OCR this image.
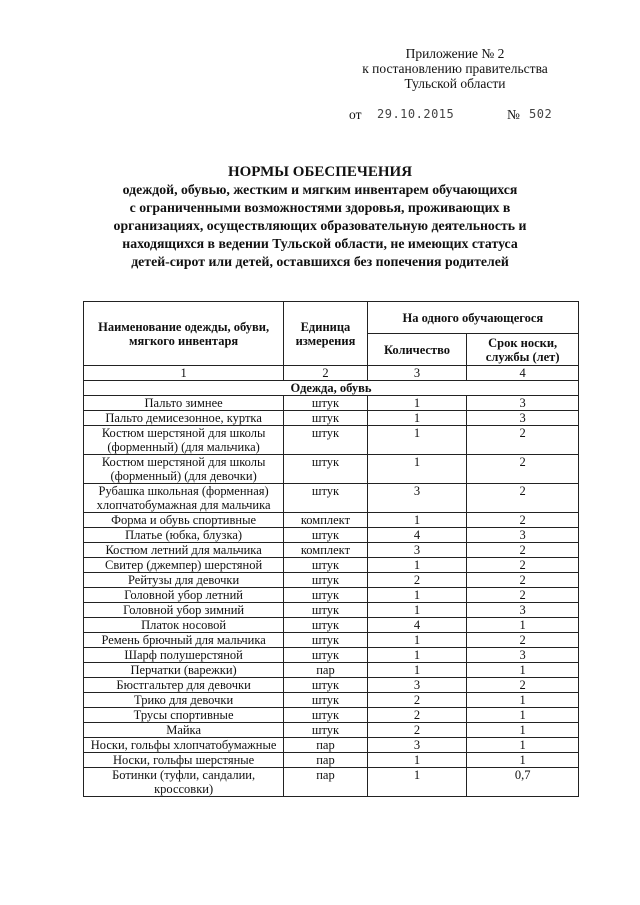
Приложение № 2
к постановлению правительства
Тульской области
от 29.10.2015	№ 502
НОРМЫ ОБЕСПЕЧЕНИЯ
одеждой, обувью, жестким и мягким инвентарем обучающихся
с ограниченными возможностями здоровья, проживающих в
организациях, осуществляющих образовательную деятельность и
находящихся в ведении Тульской области, не имеющих статуса
детей-сирот или детей, оставшихся без попечения родителей
Наименование одежды, обуви, мягкого инвентаря	Единица измерения	На одного обучающегося	
		Количество	Срок носки, службы (лет)
1	2	3	4
Одежда, обувь			
Пальто зимнее	штук	1	3
Пальто демисезонное, куртка	штук	1	3
Костюм шерстяной для школы (форменный) (для мальчика)	штук	1	2
Костюм шерстяной для школы (форменный) (для девочки)	штук	1	2
Рубашка школьная (форменная) хлопчатобумажная для мальчика	штук	3	2
Форма и обувь спортивные	комплект	1	2
Платье (юбка, блузка)	штук	4	3
Костюм летний для мальчика	комплект	3	2
Свитер (джемпер) шерстяной	штук	1	2
Рейтузы для девочки	штук	2	2
Головной убор летний	штук	1	2
Головной убор зимний	штук	1	3
Платок носовой	штук	4	1
Ремень брючный для мальчика	штук	1	2
Шарф полушерстяной	штук	1	3
Перчатки (варежки)	пар	1	1
Бюстгальтер для девочки	штук	3	2
Трико для девочки	штук	2	1
Трусы спортивные	штук	2	1
Майка	штук	2	1
Носки, гольфы хлопчатобумажные	пар	3	1
Носки, гольфы шерстяные	пар	1	1
Ботинки (туфли, сандалии, кроссовки)	пар	1	0,7
